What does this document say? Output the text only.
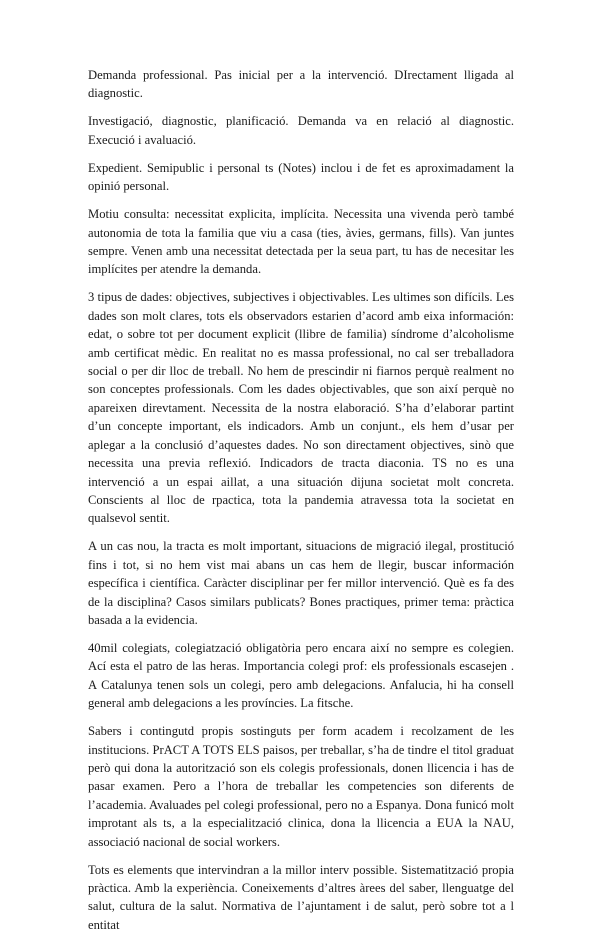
Demanda professional. Pas inicial per a la intervenció. DIrectament lligada al diagnostic.

Investigació, diagnostic, planificació. Demanda va en relació al diagnostic. Execució i avaluació.

Expedient. Semipublic i personal ts (Notes) inclou i de fet es aproximadament la opinió personal.

Motiu consulta: necessitat explicita, implícita. Necessita una vivenda però també autonomia de tota la familia que viu a casa (ties, àvies, germans, fills). Van juntes sempre. Venen amb una necessitat detectada per la seua part, tu has de necesitar les implícites per atendre la demanda.

3 tipus de dades: objectives, subjectives i objectivables. Les ultimes son difícils. Les dades son molt clares, tots els observadors estarien d’acord amb eixa información: edat, o sobre tot per document explicit (llibre de familia) síndrome d’alcoholisme amb certificat mèdic. En realitat no es massa professional, no cal ser treballadora social o per dir lloc de treball. No hem de prescindir ni fiarnos perquè realment no son conceptes professionals. Com les dades objectivables, que son així perquè no apareixen direvtament. Necessita de la nostra elaboració. S’ha d’elaborar partint d’un concepte important, els indicadors. Amb un conjunt., els hem d’usar per aplegar a la conclusió d’aquestes dades. No son directament objectives, sinò que necessita una previa reflexió. Indicadors de tracta diaconia. TS no es una intervenció a un espai aillat, a una situación dijuna societat molt concreta. Conscients al lloc de rpactica, tota la pandemia atravessa tota la societat en qualsevol sentit.

A un cas nou, la tracta es molt important, situacions de migració ilegal, prostitució fins i tot, si no hem vist mai abans un cas hem de llegir, buscar información específica i científica. Caràcter disciplinar per fer millor intervenció. Què es fa des de la disciplina? Casos similars publicats? Bones practiques, primer tema: pràctica basada a la evidencia.

40mil colegiats, colegiatzació obligatòria pero encara així no sempre es colegien. Ací esta el patro de las heras. Importancia colegi prof: els professionals escasejen . A Catalunya tenen sols un colegi, pero amb delegacions. Anfalucia, hi ha consell general amb delegacions a les províncies. La fitsche.

Sabers i contingutd propis sostinguts per form academ i recolzament de les institucions. PrACT A TOTS ELS paisos, per treballar, s’ha de tindre el titol graduat però qui dona la autorització son els colegis professionals, donen llicencia i has de pasar examen. Pero a l’hora de treballar les competencies son diferents de l’academia. Avaluades pel colegi professional, pero no a Espanya. Dona funicó molt improtant als ts, a la especialització clinica, dona la llicencia a EUA la NAU, associació nacional de social workers.

Tots es elements que intervindran a la millor interv possible. Sistematització propia pràctica. Amb la experiència. Coneixements d’altres àrees del saber, llenguatge del salut, cultura de la salut. Normativa de l’ajuntament i de salut, però sobre tot a l entitat
